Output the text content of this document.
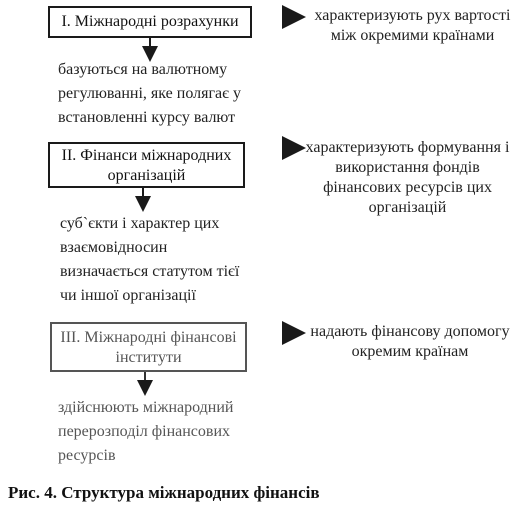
I. Міжнародні розрахунки	характеризують рух вартості між окремими країнами
базуються на валютному регулюванні, яке полягає у встановленні курсу валют
II. Фінанси міжнародних організацій
характеризують формування і використання фондів фінансових ресурсів цих організацій
суб`єкти і характер цих взаємовідносин визначається статутом тієї чи іншої організації
III. Міжнародні фінансові інститути
надають фінансову допомогу окремим країнам
здійснюють міжнародний перерозподіл фінансових ресурсів
Рис. 4. Структура міжнародних фінансів
